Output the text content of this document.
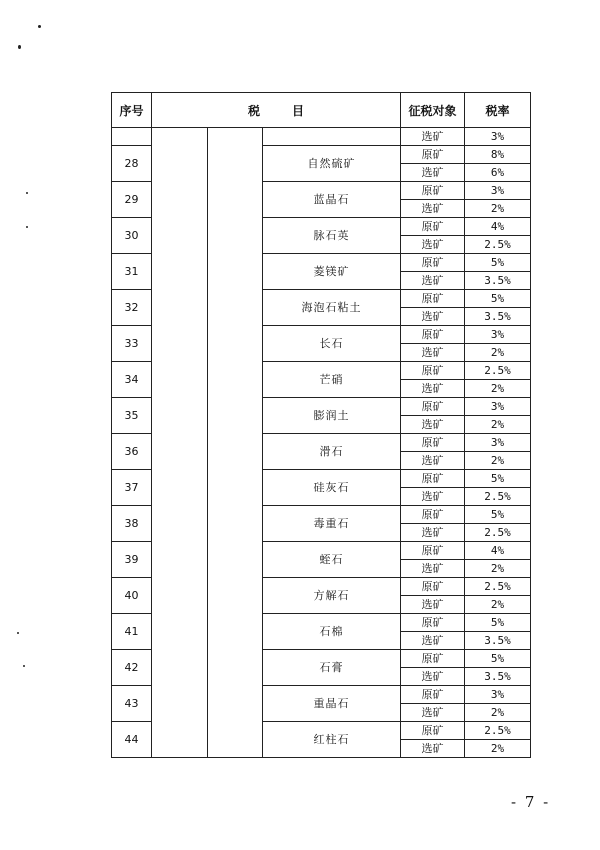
序号	税 目			征税对象	税率
				选矿	3%
28			自然硫矿	原矿	8%
				选矿	6%
29			蓝晶石	原矿	3%
				选矿	2%
30			脉石英	原矿	4%
				选矿	2.5%
31			菱镁矿	原矿	5%
				选矿	3.5%
32			海泡石粘土	原矿	5%
				选矿	3.5%
33			长石	原矿	3%
				选矿	2%
34			芒硝	原矿	2.5%
				选矿	2%
35			膨润土	原矿	3%
				选矿	2%
36			滑石	原矿	3%
				选矿	2%
37			硅灰石	原矿	5%
				选矿	2.5%
38			毒重石	原矿	5%
				选矿	2.5%
39			蛭石	原矿	4%
				选矿	2%
40			方解石	原矿	2.5%
				选矿	2%
41			石棉	原矿	5%
				选矿	3.5%
42			石膏	原矿	5%
				选矿	3.5%
43			重晶石	原矿	3%
				选矿	2%
44			红柱石	原矿	2.5%
				选矿	2%
- 7 -
